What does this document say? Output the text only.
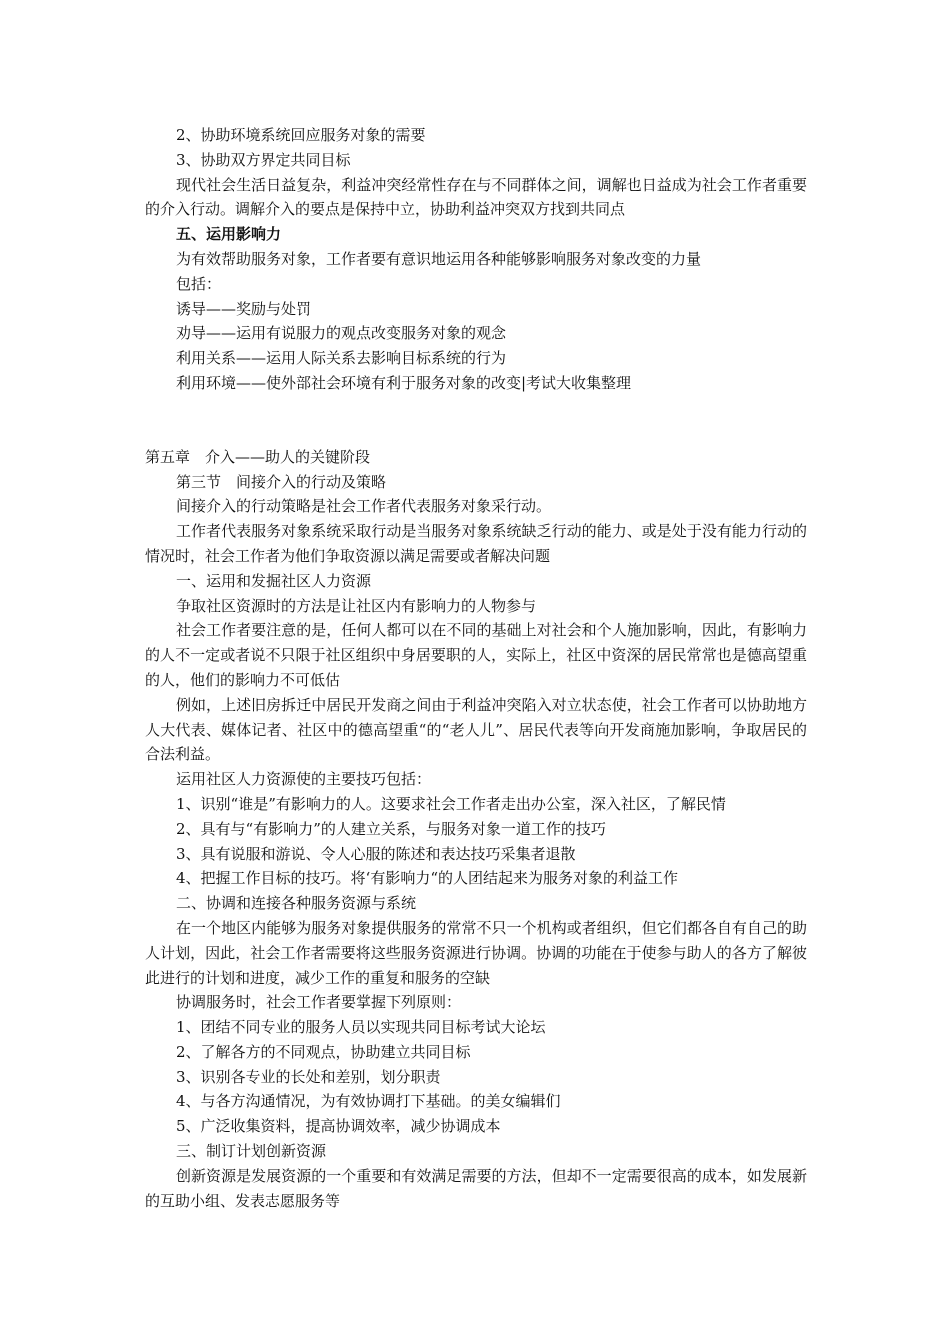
2、协助环境系统回应服务对象的需要

3、协助双方界定共同目标

现代社会生活日益复杂，利益冲突经常性存在与不同群体之间，调解也日益成为社会工作者重要的介入行动。调解介入的要点是保持中立，协助利益冲突双方找到共同点

五、运用影响力

为有效帮助服务对象，工作者要有意识地运用各种能够影响服务对象改变的力量

包括：

诱导——奖励与处罚

劝导——运用有说服力的观点改变服务对象的观念

利用关系——运用人际关系去影响目标系统的行为

利用环境——使外部社会环境有利于服务对象的改变|考试大收集整理

第五章　介入——助人的关键阶段

第三节　间接介入的行动及策略

间接介入的行动策略是社会工作者代表服务对象采行动。

工作者代表服务对象系统采取行动是当服务对象系统缺乏行动的能力、或是处于没有能力行动的情况时，社会工作者为他们争取资源以满足需要或者解决问题

一、运用和发掘社区人力资源

争取社区资源时的方法是让社区内有影响力的人物参与

社会工作者要注意的是，任何人都可以在不同的基础上对社会和个人施加影响，因此，有影响力的人不一定或者说不只限于社区组织中身居要职的人，实际上，社区中资深的居民常常也是德高望重的人，他们的影响力不可低估

例如，上述旧房拆迁中居民开发商之间由于利益冲突陷入对立状态使，社会工作者可以协助地方人大代表、媒体记者、社区中的德高望重“的“老人儿”、居民代表等向开发商施加影响，争取居民的合法利益。

运用社区人力资源使的主要技巧包括：

1、识别“谁是”有影响力的人。这要求社会工作者走出办公室，深入社区，了解民情

2、具有与“有影响力”的人建立关系，与服务对象一道工作的技巧

3、具有说服和游说、令人心服的陈述和表达技巧采集者退散

4、把握工作目标的技巧。将‘有影响力“的人团结起来为服务对象的利益工作

二、协调和连接各种服务资源与系统

在一个地区内能够为服务对象提供服务的常常不只一个机构或者组织，但它们都各自有自己的助人计划，因此，社会工作者需要将这些服务资源进行协调。协调的功能在于使参与助人的各方了解彼此进行的计划和进度，减少工作的重复和服务的空缺

协调服务时，社会工作者要掌握下列原则：

1、团结不同专业的服务人员以实现共同目标考试大论坛

2、了解各方的不同观点，协助建立共同目标

3、识别各专业的长处和差别，划分职责

4、与各方沟通情况，为有效协调打下基础。的美女编辑们

5、广泛收集资料，提高协调效率，减少协调成本

三、制订计划创新资源

创新资源是发展资源的一个重要和有效满足需要的方法，但却不一定需要很高的成本，如发展新的互助小组、发表志愿服务等
